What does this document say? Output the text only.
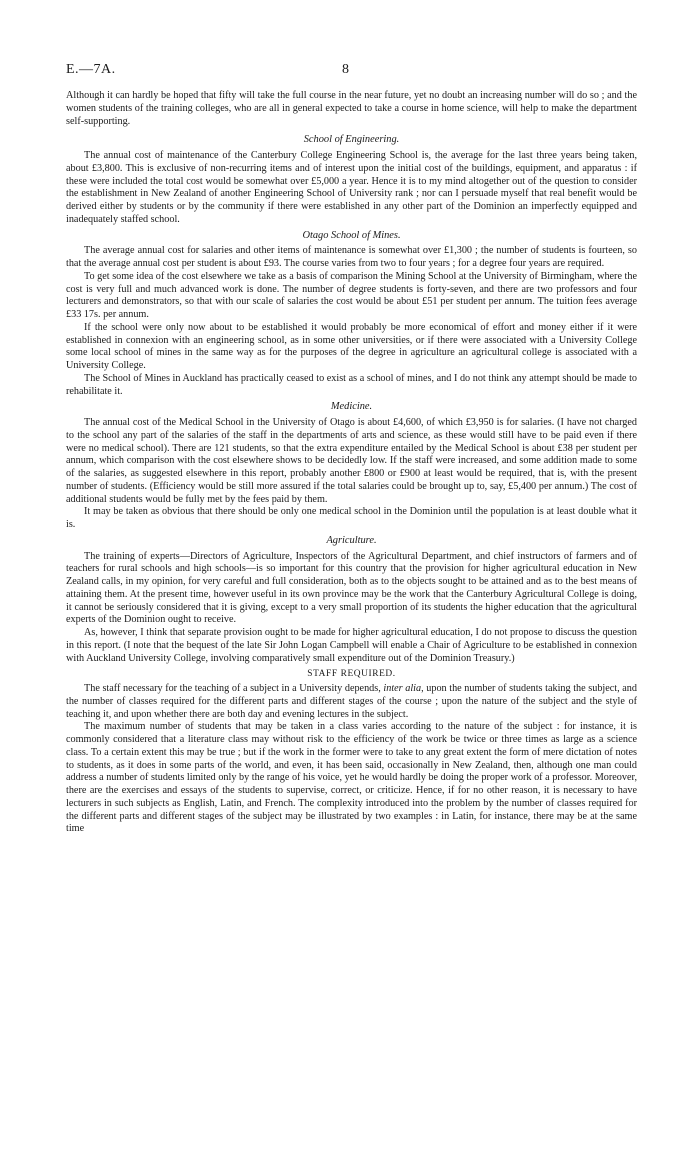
E.—7A.	8

Although it can hardly be hoped that fifty will take the full course in the near future, yet no doubt an increasing number will do so ; and the women students of the training colleges, who are all in general expected to take a course in home science, will help to make the department self-supporting.

School of Engineering.

The annual cost of maintenance of the Canterbury College Engineering School is, the average for the last three years being taken, about £3,800. This is exclusive of non-recurring items and of interest upon the initial cost of the buildings, equipment, and apparatus : if these were included the total cost would be somewhat over £5,000 a year. Hence it is to my mind altogether out of the question to consider the establishment in New Zealand of another Engineering School of University rank ; nor can I persuade myself that real benefit would be derived either by students or by the community if there were established in any other part of the Dominion an imperfectly equipped and inadequately staffed school.

Otago School of Mines.

The average annual cost for salaries and other items of maintenance is somewhat over £1,300 ; the number of students is fourteen, so that the average annual cost per student is about £93. The course varies from two to four years ; for a degree four years are required.

To get some idea of the cost elsewhere we take as a basis of comparison the Mining School at the University of Birmingham, where the cost is very full and much advanced work is done. The number of degree students is forty-seven, and there are two professors and four lecturers and demonstrators, so that with our scale of salaries the cost would be about £51 per student per annum. The tuition fees average £33 17s. per annum.

If the school were only now about to be established it would probably be more economical of effort and money either if it were established in connexion with an engineering school, as in some other universities, or if there were associated with a University College some local school of mines in the same way as for the purposes of the degree in agriculture an agricultural college is associated with a University College.

The School of Mines in Auckland has practically ceased to exist as a school of mines, and I do not think any attempt should be made to rehabilitate it.

Medicine.

The annual cost of the Medical School in the University of Otago is about £4,600, of which £3,950 is for salaries. (I have not charged to the school any part of the salaries of the staff in the departments of arts and science, as these would still have to be paid even if there were no medical school). There are 121 students, so that the extra expenditure entailed by the Medical School is about £38 per student per annum, which comparison with the cost elsewhere shows to be decidedly low. If the staff were increased, and some addition made to some of the salaries, as suggested elsewhere in this report, probably another £800 or £900 at least would be required, that is, with the present number of students. (Efficiency would be still more assured if the total salaries could be brought up to, say, £5,400 per annum.) The cost of additional students would be fully met by the fees paid by them.

It may be taken as obvious that there should be only one medical school in the Dominion until the population is at least double what it is.

Agriculture.

The training of experts—Directors of Agriculture, Inspectors of the Agricultural Department, and chief instructors of farmers and of teachers for rural schools and high schools—is so important for this country that the provision for higher agricultural education in New Zealand calls, in my opinion, for very careful and full consideration, both as to the objects sought to be attained and as to the best means of attaining them. At the present time, however useful in its own province may be the work that the Canterbury Agricultural College is doing, it cannot be seriously considered that it is giving, except to a very small proportion of its students the higher education that the agricultural experts of the Dominion ought to receive.

As, however, I think that separate provision ought to be made for higher agricultural education, I do not propose to discuss the question in this report. (I note that the bequest of the late Sir John Logan Campbell will enable a Chair of Agriculture to be established in connexion with Auckland University College, involving comparatively small expenditure out of the Dominion Treasury.)

STAFF REQUIRED.

The staff necessary for the teaching of a subject in a University depends, inter alia, upon the number of students taking the subject, and the number of classes required for the different parts and different stages of the course ; upon the nature of the subject and the style of teaching it, and upon whether there are both day and evening lectures in the subject.

The maximum number of students that may be taken in a class varies according to the nature of the subject : for instance, it is commonly considered that a literature class may without risk to the efficiency of the work be twice or three times as large as a science class. To a certain extent this may be true ; but if the work in the former were to take to any great extent the form of mere dictation of notes to students, as it does in some parts of the world, and even, it has been said, occasionally in New Zealand, then, although one man could address a number of students limited only by the range of his voice, yet he would hardly be doing the proper work of a professor. Moreover, there are the exercises and essays of the students to supervise, correct, or criticize. Hence, if for no other reason, it is necessary to have lecturers in such subjects as English, Latin, and French. The complexity introduced into the problem by the number of classes required for the different parts and different stages of the subject may be illustrated by two examples : in Latin, for instance, there may be at the same time
